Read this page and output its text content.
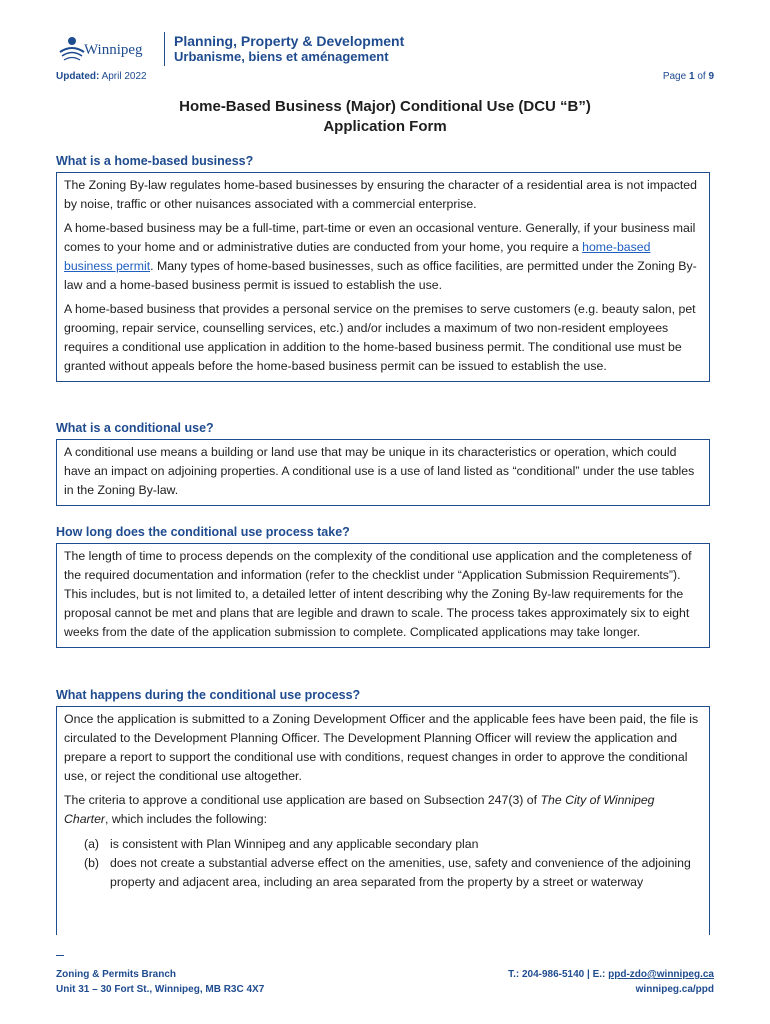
Winnipeg
Planning, Property & Development
Urbanisme, biens et aménagement
Updated: April 2022	Page 1 of 9
Home-Based Business (Major) Conditional Use (DCU “B”)
Application Form
What is a home-based business?

The Zoning By-law regulates home-based businesses by ensuring the character of a residential area is not impacted by noise, traffic or other nuisances associated with a commercial enterprise.

A home-based business may be a full-time, part-time or even an occasional venture. Generally, if your business mail comes to your home and or administrative duties are conducted from your home, you require a home-based business permit. Many types of home-based businesses, such as office facilities, are permitted under the Zoning By-law and a home-based business permit is issued to establish the use.

A home-based business that provides a personal service on the premises to serve customers (e.g. beauty salon, pet grooming, repair service, counselling services, etc.) and/or includes a maximum of two non-resident employees requires a conditional use application in addition to the home-based business permit. The conditional use must be granted without appeals before the home-based business permit can be issued to establish the use.

What is a conditional use?

A conditional use means a building or land use that may be unique in its characteristics or operation, which could have an impact on adjoining properties. A conditional use is a use of land listed as “conditional” under the use tables in the Zoning By-law.

How long does the conditional use process take?

The length of time to process depends on the complexity of the conditional use application and the completeness of the required documentation and information (refer to the checklist under “Application Submission Requirements”). This includes, but is not limited to, a detailed letter of intent describing why the Zoning By-law requirements for the proposal cannot be met and plans that are legible and drawn to scale. The process takes approximately six to eight weeks from the date of the application submission to complete. Complicated applications may take longer.

What happens during the conditional use process?

Once the application is submitted to a Zoning Development Officer and the applicable fees have been paid, the file is circulated to the Development Planning Officer. The Development Planning Officer will review the application and prepare a report to support the conditional use with conditions, request changes in order to approve the conditional use, or reject the conditional use altogether.

The criteria to approve a conditional use application are based on Subsection 247(3) of The City of Winnipeg Charter, which includes the following:

(a) is consistent with Plan Winnipeg and any applicable secondary plan
(b) does not create a substantial adverse effect on the amenities, use, safety and convenience of the adjoining property and adjacent area, including an area separated from the property by a street or waterway
Zoning & Permits Branch
Unit 31 – 30 Fort St., Winnipeg, MB R3C 4X7
T.: 204-986-5140 | E.: ppd-zdo@winnipeg.ca
winnipeg.ca/ppd
